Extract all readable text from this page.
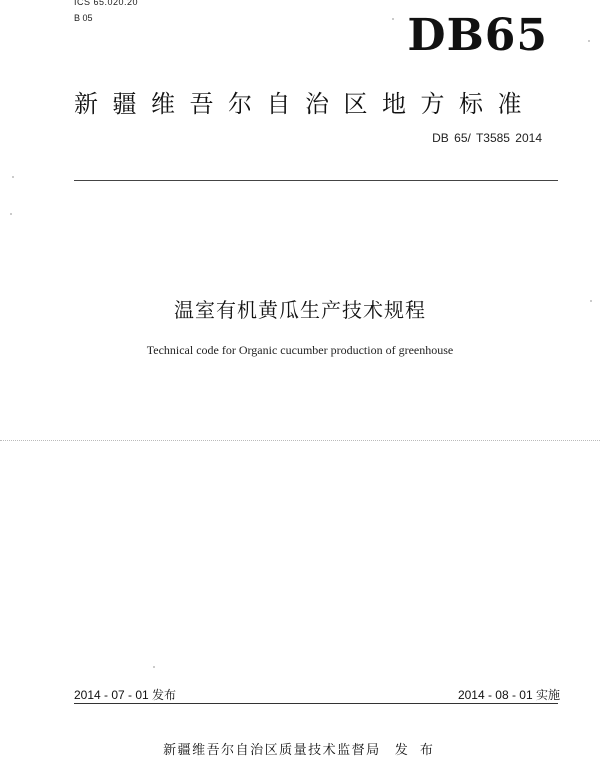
ICS 65.020.20
B 05	DB65
新疆维吾尔自治区地方标准
DB 65/ T3585 2014
温室有机黄瓜生产技术规程
Technical code for Organic cucumber production of greenhouse
2014 - 07 - 01 发布	2014 - 08 - 01 实施
新疆维吾尔自治区质量技术监督局 发 布
